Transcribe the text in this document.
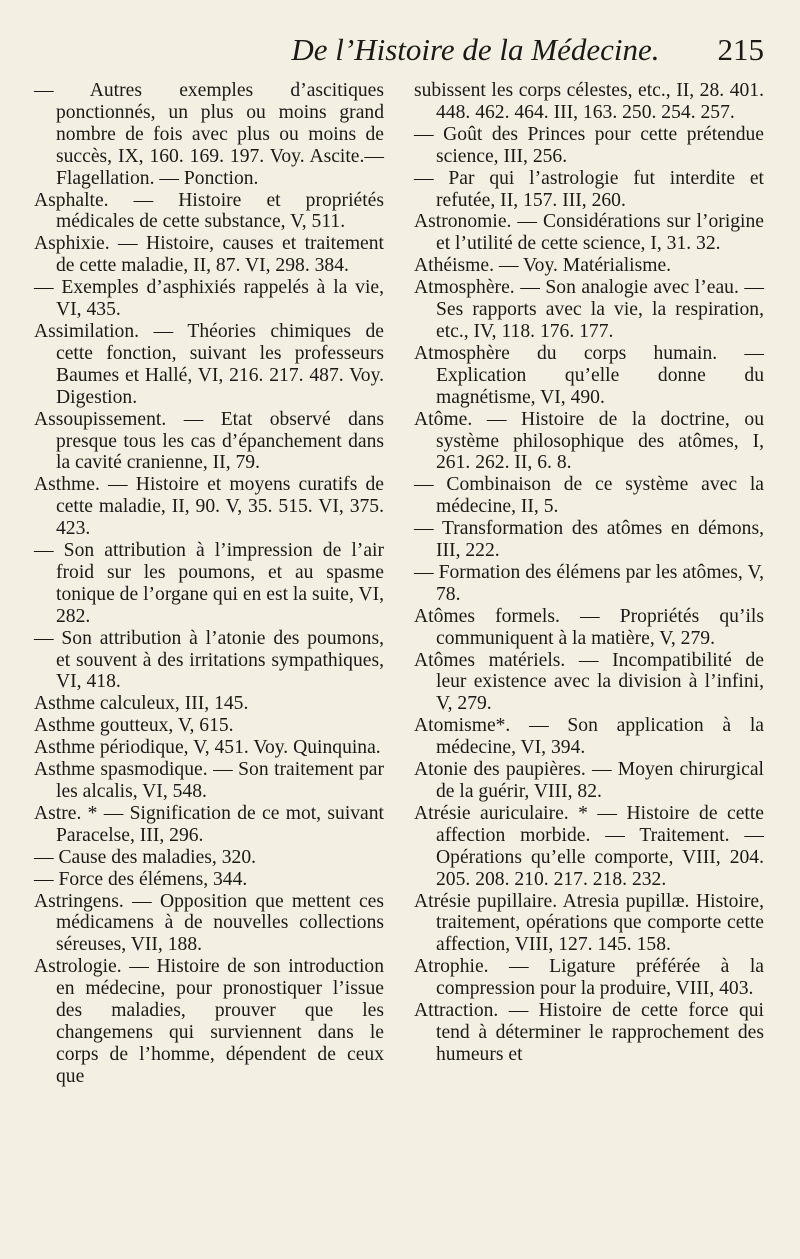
De l’Histoire de la Médecine. 215

— Autres exemples d’ascitiques ponctionnés, un plus ou moins grand nombre de fois avec plus ou moins de succès, IX, 160. 169. 197. Voy. Ascite.—Flagellation. — Ponction.

Asphalte. — Histoire et propriétés médicales de cette substance, V, 511.

Asphixie. — Histoire, causes et traitement de cette maladie, II, 87. VI, 298. 384.

— Exemples d’asphixiés rappelés à la vie, VI, 435.

Assimilation. — Théories chimiques de cette fonction, suivant les professeurs Baumes et Hallé, VI, 216. 217. 487. Voy. Digestion.

Assoupissement. — Etat observé dans presque tous les cas d’épanchement dans la cavité cranienne, II, 79.

Asthme. — Histoire et moyens curatifs de cette maladie, II, 90. V, 35. 515. VI, 375. 423.

— Son attribution à l’impression de l’air froid sur les poumons, et au spasme tonique de l’organe qui en est la suite, VI, 282.

— Son attribution à l’atonie des poumons, et souvent à des irritations sympathiques, VI, 418.

Asthme calculeux, III, 145.

Asthme goutteux, V, 615.

Asthme périodique, V, 451. Voy. Quinquina.

Asthme spasmodique. — Son traitement par les alcalis, VI, 548.

Astre. * — Signification de ce mot, suivant Paracelse, III, 296.

— Cause des maladies, 320.

— Force des élémens, 344.

Astringens. — Opposition que mettent ces médicamens à de nouvelles collections séreuses, VII, 188.

Astrologie. — Histoire de son introduction en médecine, pour pronostiquer l’issue des maladies, prouver que les changemens qui surviennent dans le corps de l’homme, dépendent de ceux que

subissent les corps célestes, etc., II, 28. 401. 448. 462. 464. III, 163. 250. 254. 257.

— Goût des Princes pour cette prétendue science, III, 256.

— Par qui l’astrologie fut interdite et refutée, II, 157. III, 260.

Astronomie. — Considérations sur l’origine et l’utilité de cette science, I, 31. 32.

Athéisme. — Voy. Matérialisme.

Atmosphère. — Son analogie avec l’eau. — Ses rapports avec la vie, la respiration, etc., IV, 118. 176. 177.

Atmosphère du corps humain. — Explication qu’elle donne du magnétisme, VI, 490.

Atôme. — Histoire de la doctrine, ou système philosophique des atômes, I, 261. 262. II, 6. 8.

— Combinaison de ce système avec la médecine, II, 5.

— Transformation des atômes en démons, III, 222.

— Formation des élémens par les atômes, V, 78.

Atômes formels. — Propriétés qu’ils communiquent à la matière, V, 279.

Atômes matériels. — Incompatibilité de leur existence avec la division à l’infini, V, 279.

Atomisme*. — Son application à la médecine, VI, 394.

Atonie des paupières. — Moyen chirurgical de la guérir, VIII, 82.

Atrésie auriculaire. * — Histoire de cette affection morbide. — Traitement. — Opérations qu’elle comporte, VIII, 204. 205. 208. 210. 217. 218. 232.

Atrésie pupillaire. Atresia pupillæ. Histoire, traitement, opérations que comporte cette affection, VIII, 127. 145. 158.

Atrophie. — Ligature préférée à la compression pour la produire, VIII, 403.

Attraction. — Histoire de cette force qui tend à déterminer le rapprochement des humeurs et
